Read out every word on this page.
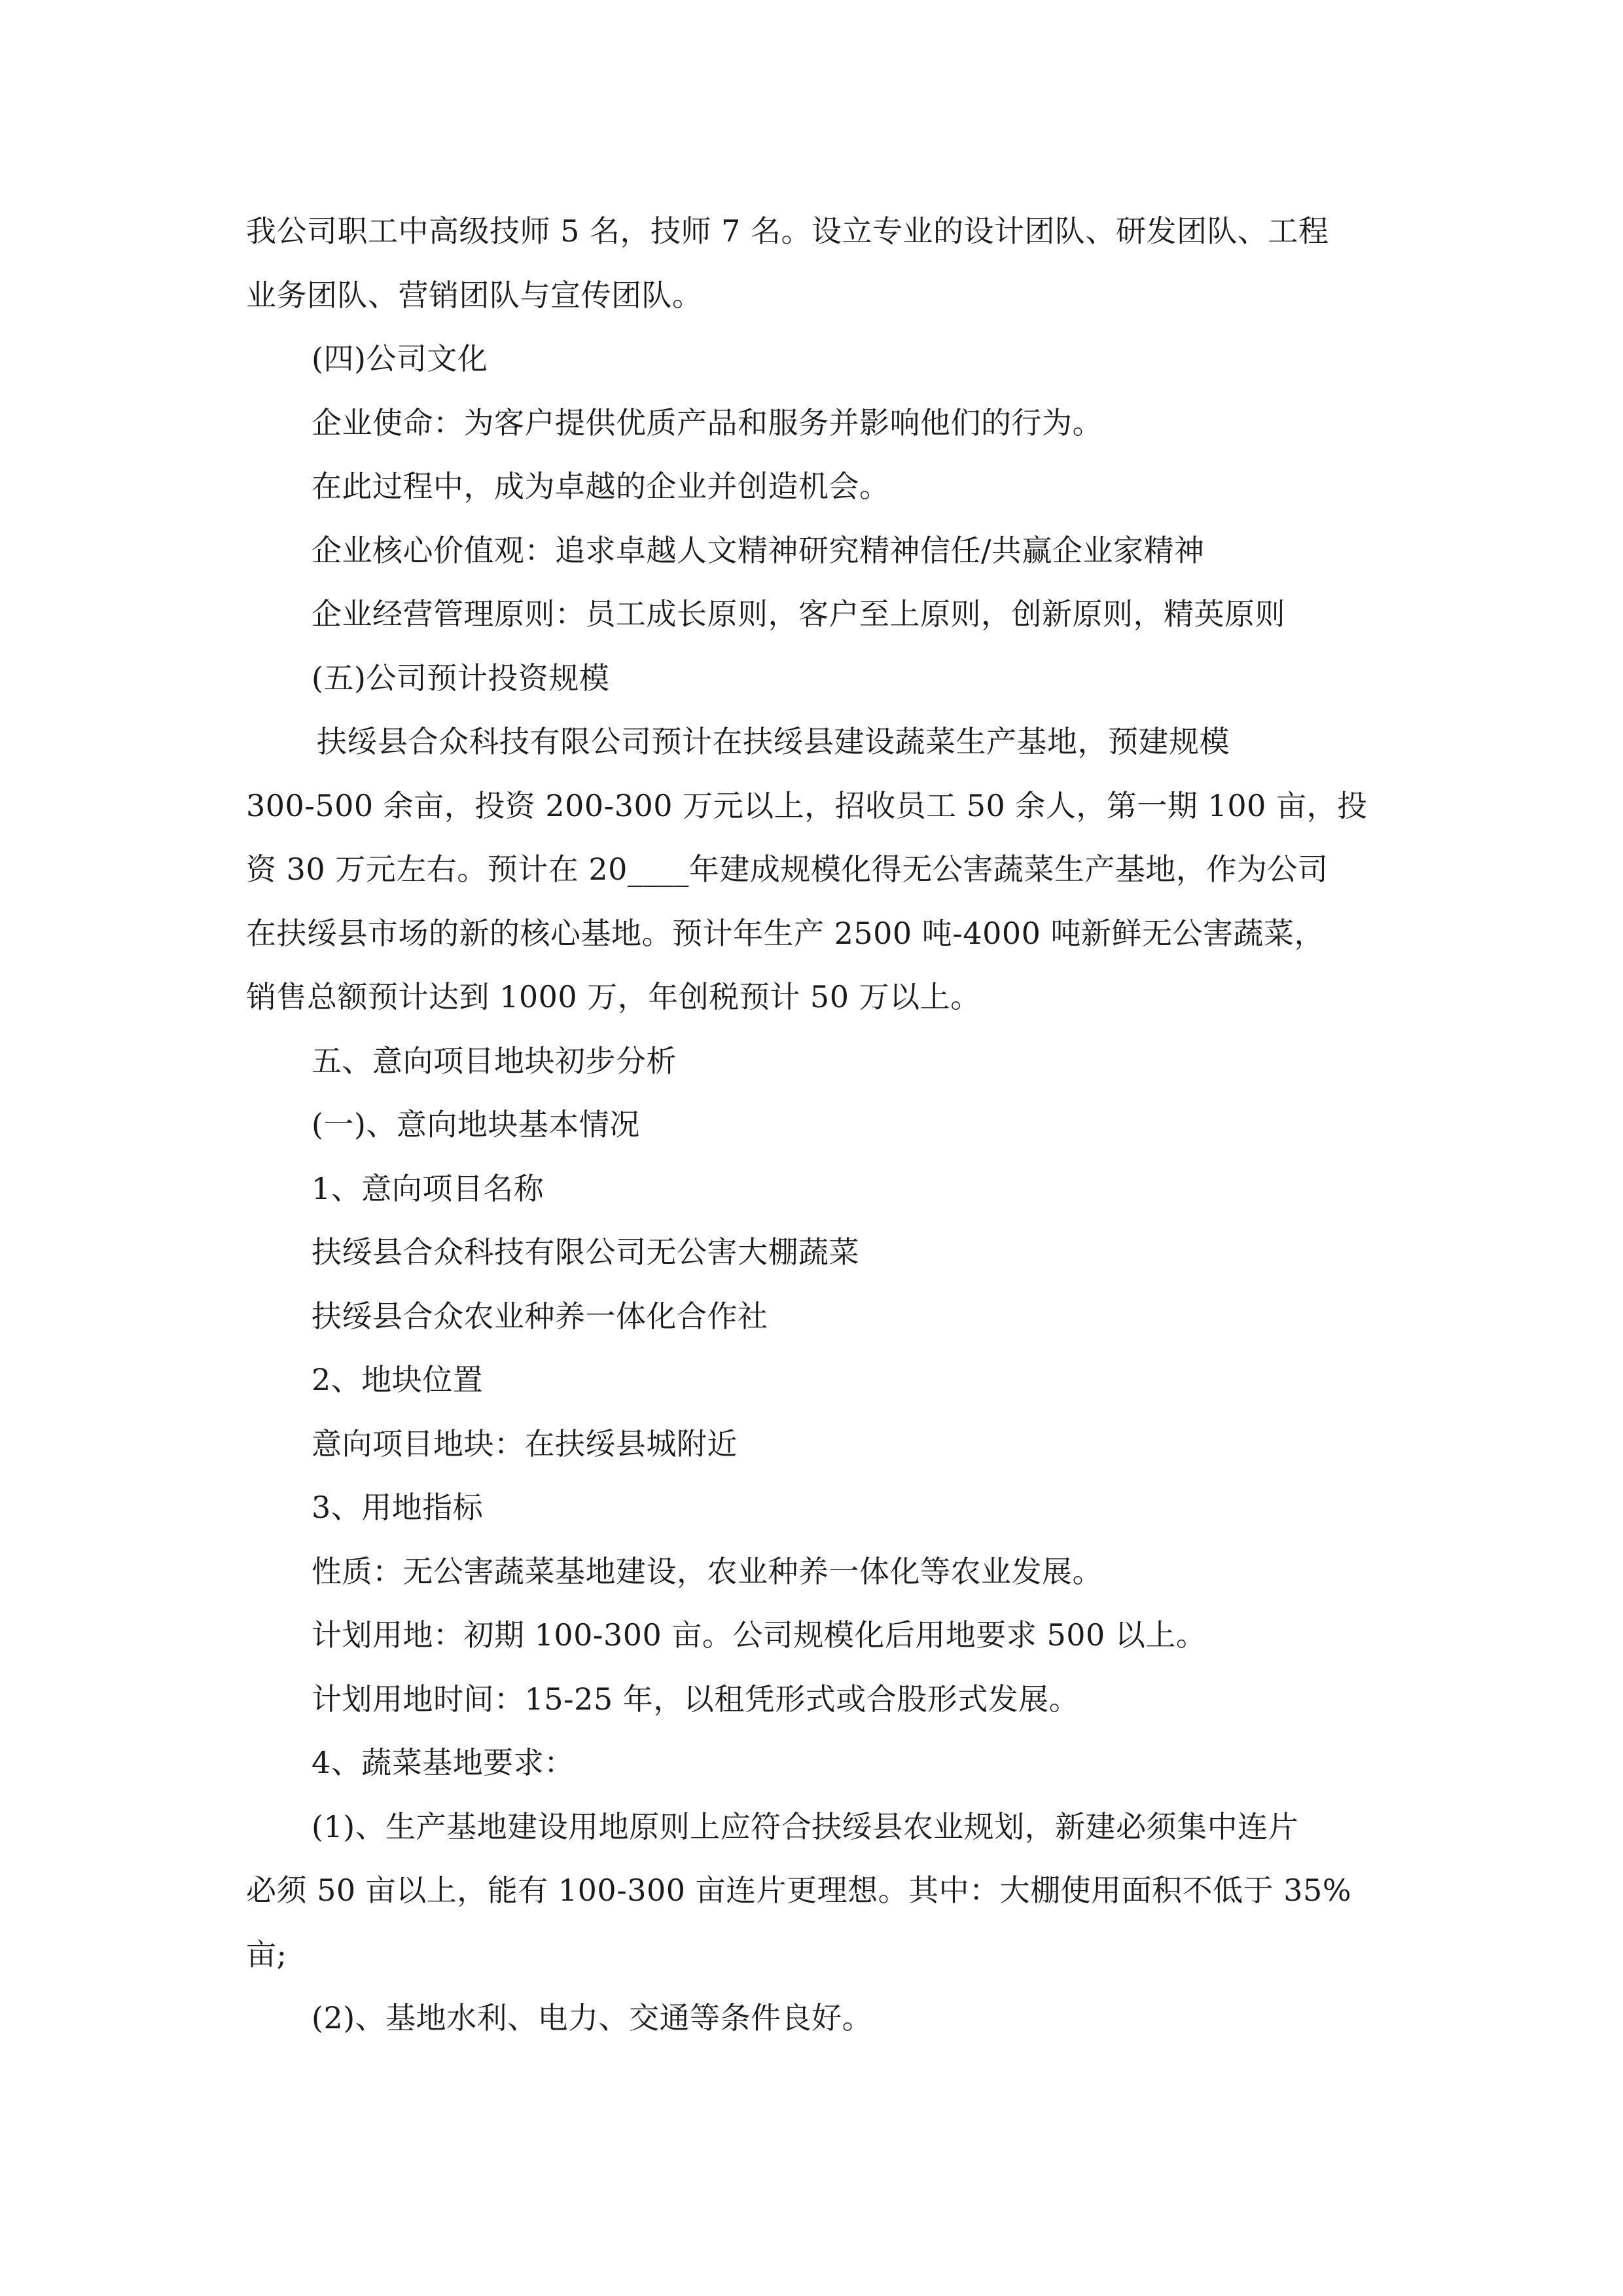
我公司职工中高级技师 5 名，技师 7 名。设立专业的设计团队、研发团队、工程
业务团队、营销团队与宣传团队。
(四)公司文化
企业使命：为客户提供优质产品和服务并影响他们的行为。
在此过程中，成为卓越的企业并创造机会。
企业核心价值观：追求卓越人文精神研究精神信任/共赢企业家精神
企业经营管理原则：员工成长原则，客户至上原则，创新原则，精英原则
(五)公司预计投资规模
扶绥县合众科技有限公司预计在扶绥县建设蔬菜生产基地，预建规模
300-500 余亩，投资 200-300 万元以上，招收员工 50 余人，第一期 100 亩，投
资 30 万元左右。预计在 20____年建成规模化得无公害蔬菜生产基地，作为公司
在扶绥县市场的新的核心基地。预计年生产 2500 吨-4000 吨新鲜无公害蔬菜，
销售总额预计达到 1000 万，年创税预计 50 万以上。
五、意向项目地块初步分析
(一)、意向地块基本情况
1、意向项目名称
扶绥县合众科技有限公司无公害大棚蔬菜
扶绥县合众农业种养一体化合作社
2、地块位置
意向项目地块：在扶绥县城附近
3、用地指标
性质：无公害蔬菜基地建设，农业种养一体化等农业发展。
计划用地：初期 100-300 亩。公司规模化后用地要求 500 以上。
计划用地时间：15-25 年，以租凭形式或合股形式发展。
4、蔬菜基地要求：
(1)、生产基地建设用地原则上应符合扶绥县农业规划，新建必须集中连片
必须 50 亩以上，能有 100-300 亩连片更理想。其中：大棚使用面积不低于 35%
亩;
(2)、基地水利、电力、交通等条件良好。
